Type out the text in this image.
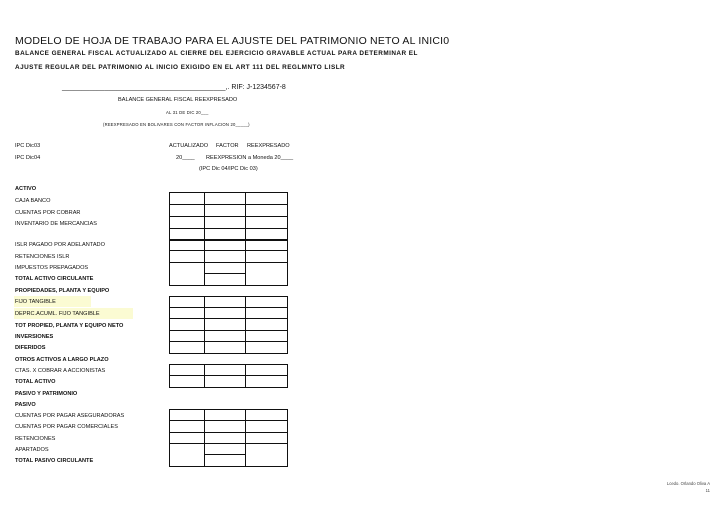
MODELO DE HOJA DE TRABAJO PARA EL AJUSTE DEL PATRIMONIO NETO AL INICI0
BALANCE GENERAL FISCAL ACTUALIZADO AL CIERRE DEL EJERCICIO GRAVABLE ACTUAL PARA DETERMINAR EL
AJUSTE REGULAR DEL PATRIMONIO AL INICIO EXIGIDO EN EL ART 111 DEL REGLMNTO LISLR
__________________________________________,. RIF: J-1234567-8
BALANCE GENERAL FISCAL REEXPRESADO
AL 31 DE DIC 20___
(REEXPRESADO EN BOLIVARES CON FACTOR INFLACION 20_____)
IPC Dic03
IPC Dic04
ACTUALIZADO FACTOR REEXPRESADO
20____ REEXPRESION a Moneda 20____
(IPC Dic 04/IPC Dic 03)
ACTIVO
CAJA BANCO
CUENTAS POR COBRAR
INVENTARIO DE MERCANCIAS
ISLR PAGADO POR ADELANTADO
RETENCIONES ISLR
IMPUESTOS PREPAGADOS
TOTAL ACTIVO CIRCULANTE
PROPIEDADES, PLANTA Y EQUIPO
FIJO TANGIBLE
DEPRC.ACUML. FIJO TANGIBLE
TOT PROPIED, PLANTA Y EQUIPO NETO
INVERSIONES
DIFERIDOS
OTROS ACTIVOS A LARGO PLAZO
CTAS. X COBRAR A ACCIONISTAS
TOTAL ACTIVO
PASIVO Y PATRIMONIO
PASIVO
CUENTAS POR PAGAR ASEGURADORAS
CUENTAS POR PAGAR COMERCIALES
RETENCIONES
APARTADOS
TOTAL PASIVO CIRCULANTE
Lcedo. Orlando Oliva A
11
